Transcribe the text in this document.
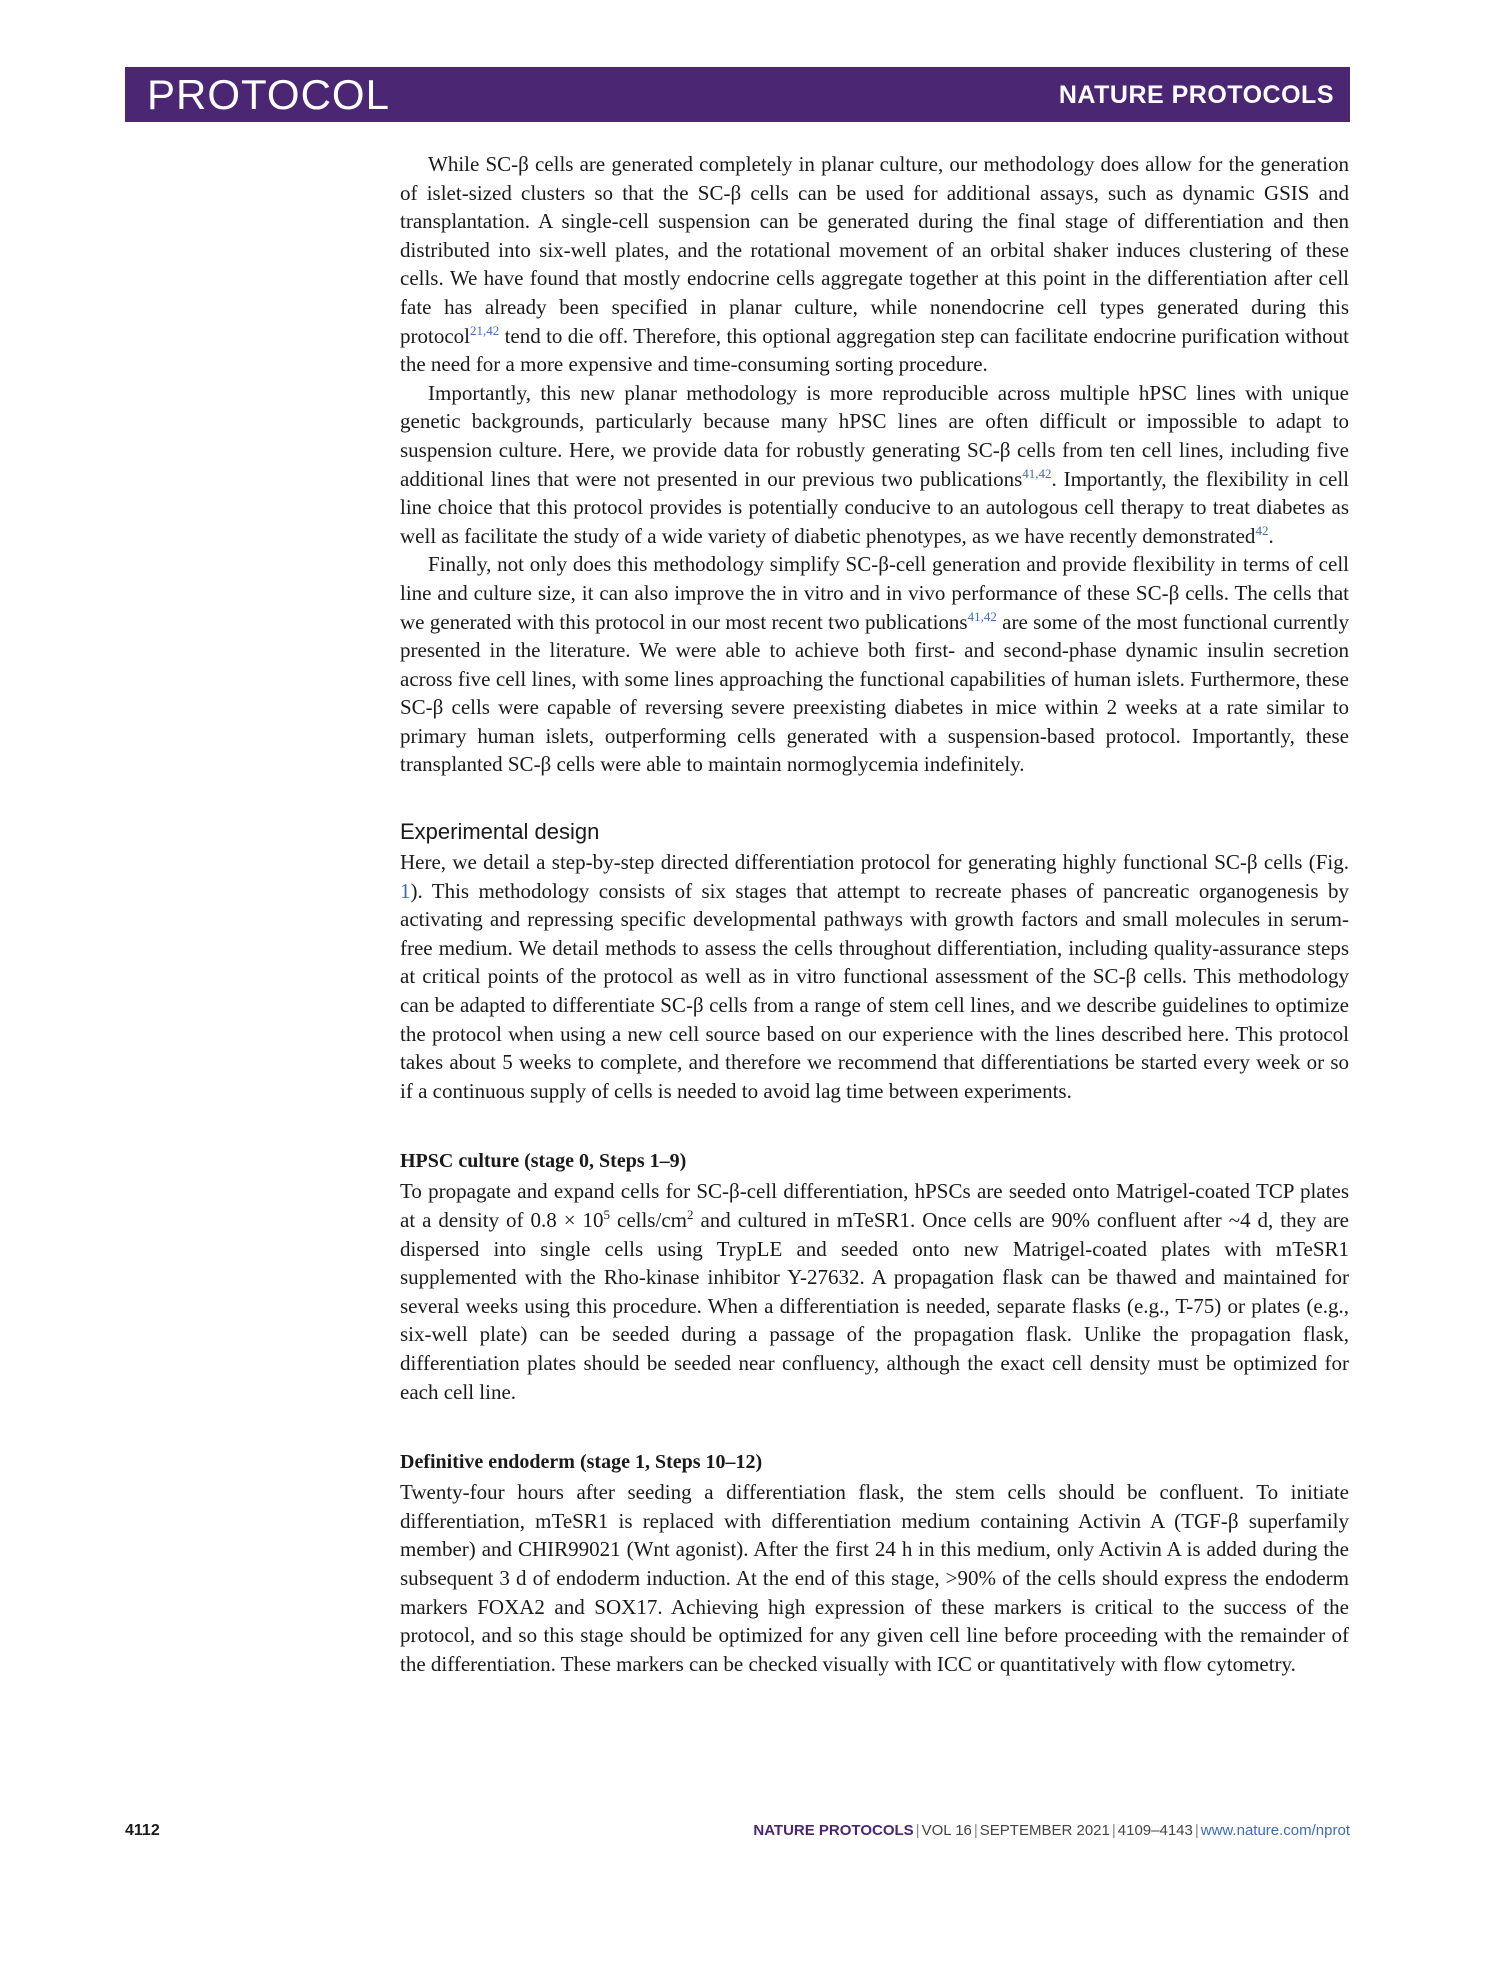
PROTOCOL	NATURE PROTOCOLS

While SC-β cells are generated completely in planar culture, our methodology does allow for the generation of islet-sized clusters so that the SC-β cells can be used for additional assays, such as dynamic GSIS and transplantation. A single-cell suspension can be generated during the final stage of differentiation and then distributed into six-well plates, and the rotational movement of an orbital shaker induces clustering of these cells. We have found that mostly endocrine cells aggregate together at this point in the differentiation after cell fate has already been specified in planar culture, while nonendocrine cell types generated during this protocol$^{21,42}$ tend to die off. Therefore, this optional aggregation step can facilitate endocrine purification without the need for a more expensive and time-consuming sorting procedure.

Importantly, this new planar methodology is more reproducible across multiple hPSC lines with unique genetic backgrounds, particularly because many hPSC lines are often difficult or impossible to adapt to suspension culture. Here, we provide data for robustly generating SC-β cells from ten cell lines, including five additional lines that were not presented in our previous two publications$^{41,42}$. Importantly, the flexibility in cell line choice that this protocol provides is potentially conducive to an autologous cell therapy to treat diabetes as well as facilitate the study of a wide variety of diabetic phenotypes, as we have recently demonstrated$^{42}$.

Finally, not only does this methodology simplify SC-β-cell generation and provide flexibility in terms of cell line and culture size, it can also improve the in vitro and in vivo performance of these SC-β cells. The cells that we generated with this protocol in our most recent two publications$^{41,42}$ are some of the most functional currently presented in the literature. We were able to achieve both first- and second-phase dynamic insulin secretion across five cell lines, with some lines approaching the functional capabilities of human islets. Furthermore, these SC-β cells were capable of reversing severe preexisting diabetes in mice within 2 weeks at a rate similar to primary human islets, outperforming cells generated with a suspension-based protocol. Importantly, these transplanted SC-β cells were able to maintain normoglycemia indefinitely.

Experimental design

Here, we detail a step-by-step directed differentiation protocol for generating highly functional SC-β cells (Fig. 1). This methodology consists of six stages that attempt to recreate phases of pancreatic organogenesis by activating and repressing specific developmental pathways with growth factors and small molecules in serum-free medium. We detail methods to assess the cells throughout differentiation, including quality-assurance steps at critical points of the protocol as well as in vitro functional assessment of the SC-β cells. This methodology can be adapted to differentiate SC-β cells from a range of stem cell lines, and we describe guidelines to optimize the protocol when using a new cell source based on our experience with the lines described here. This protocol takes about 5 weeks to complete, and therefore we recommend that differentiations be started every week or so if a continuous supply of cells is needed to avoid lag time between experiments.

HPSC culture (stage 0, Steps 1–9)

To propagate and expand cells for SC-β-cell differentiation, hPSCs are seeded onto Matrigel-coated TCP plates at a density of $0.8 \times 10^5$ cells/$cm^2$ and cultured in mTeSR1. Once cells are 90% confluent after ~4 d, they are dispersed into single cells using TrypLE and seeded onto new Matrigel-coated plates with mTeSR1 supplemented with the Rho-kinase inhibitor Y-27632. A propagation flask can be thawed and maintained for several weeks using this procedure. When a differentiation is needed, separate flasks (e.g., T-75) or plates (e.g., six-well plate) can be seeded during a passage of the propagation flask. Unlike the propagation flask, differentiation plates should be seeded near confluency, although the exact cell density must be optimized for each cell line.

Definitive endoderm (stage 1, Steps 10–12)

Twenty-four hours after seeding a differentiation flask, the stem cells should be confluent. To initiate differentiation, mTeSR1 is replaced with differentiation medium containing Activin A (TGF-β superfamily member) and CHIR99021 (Wnt agonist). After the first 24 h in this medium, only Activin A is added during the subsequent 3 d of endoderm induction. At the end of this stage, >90% of the cells should express the endoderm markers FOXA2 and SOX17. Achieving high expression of these markers is critical to the success of the protocol, and so this stage should be optimized for any given cell line before proceeding with the remainder of the differentiation. These markers can be checked visually with ICC or quantitatively with flow cytometry.

4112	NATURE PROTOCOLS | VOL 16 | SEPTEMBER 2021 | 4109–4143 | www.nature.com/nprot
